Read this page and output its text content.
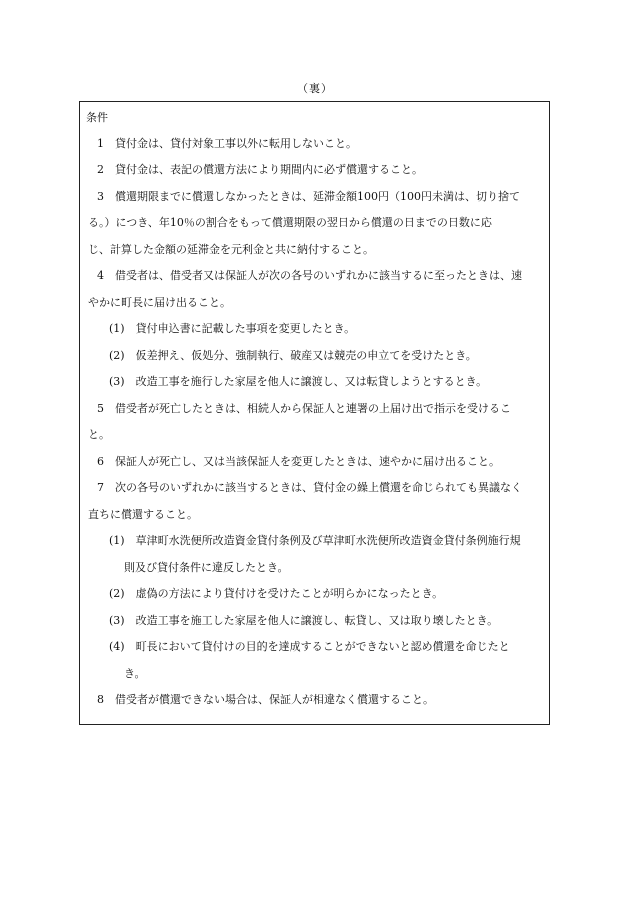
（裏）
条件
1　貸付金は、貸付対象工事以外に転用しないこと。
2　貸付金は、表記の償還方法により期間内に必ず償還すること。
3　償還期限までに償還しなかったときは、延滞金額100円（100円未満は、切り捨て
る。）につき、年10％の割合をもって償還期限の翌日から償還の日までの日数に応
じ、計算した金額の延滞金を元利金と共に納付すること。
4　借受者は、借受者又は保証人が次の各号のいずれかに該当するに至ったときは、速
やかに町長に届け出ること。
(1)　貸付申込書に記載した事項を変更したとき。
(2)　仮差押え、仮処分、強制執行、破産又は競売の申立てを受けたとき。
(3)　改造工事を施行した家屋を他人に譲渡し、又は転貸しようとするとき。
5　借受者が死亡したときは、相続人から保証人と連署の上届け出で指示を受けるこ
と。
6　保証人が死亡し、又は当該保証人を変更したときは、速やかに届け出ること。
7　次の各号のいずれかに該当するときは、貸付金の繰上償還を命じられても異議なく
直ちに償還すること。
(1)　草津町水洗便所改造資金貸付条例及び草津町水洗便所改造資金貸付条例施行規
則及び貸付条件に違反したとき。
(2)　虚偽の方法により貸付けを受けたことが明らかになったとき。
(3)　改造工事を施工した家屋を他人に譲渡し、転貸し、又は取り壊したとき。
(4)　町長において貸付けの目的を達成することができないと認め償還を命じたと
き。
8　借受者が償還できない場合は、保証人が相違なく償還すること。
